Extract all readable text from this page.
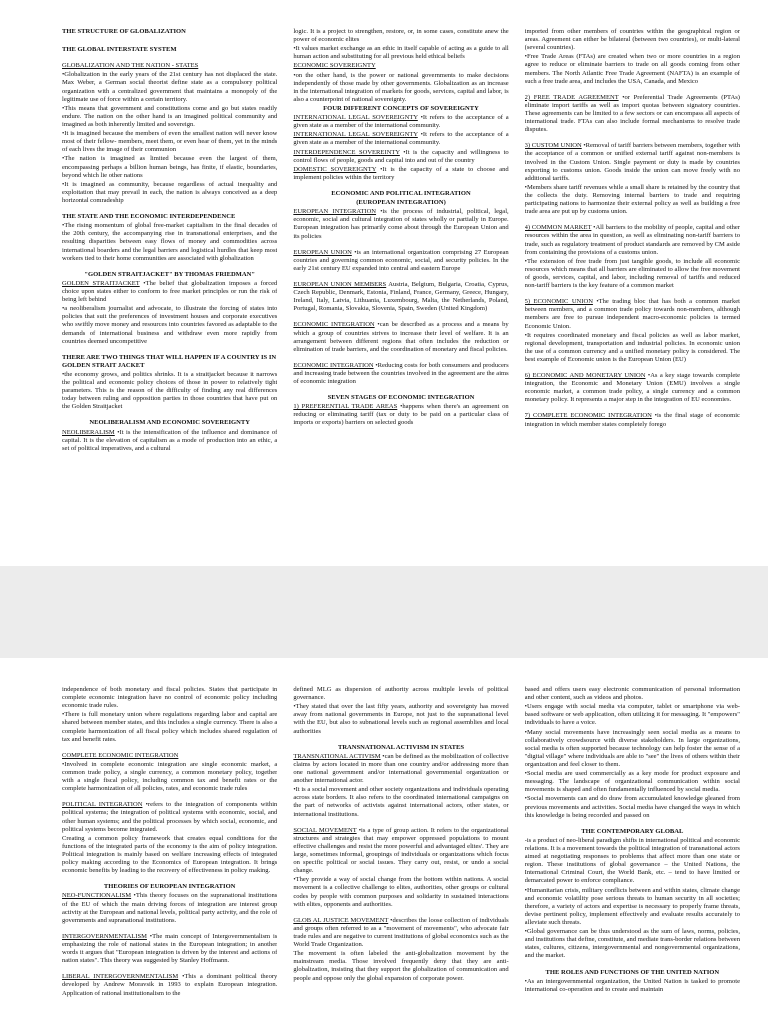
THE STRUCTURE OF GLOBALIZATION

THE GLOBAL INTERSTATE SYSTEM

GLOBALIZATION AND THE NATION - STATES

•Globalization in the early years of the 21st century has not displaced the state. Max Weber, a German social theorist define state as a compulsory political organization with a centralized government that maintains a monopoly of the legitimate use of force within a certain territory.

•This means that government and constitutions come and go but states readily endure. The nation on the other hand is an imagined political community and imagined as both inherently limited and sovereign.

•It is imagined because the members of even the smallest nation will never know most of their fellow- members, meet them, or even hear of them, yet in the minds of each lives the image of their communion

•The nation is imagined as limited because even the largest of them, encompassing perhaps a billion human beings, has finite, if elastic, boundaries, beyond which lie other nations

•It is imagined as community, because regardless of actual inequality and exploitation that may prevail in each, the nation is always conceived as a deep horizontal comradeship

THE STATE AND THE ECONOMIC INTERDEPENDENCE

•The rising momentum of global free-market capitalism in the final decades of the 20th century, the accompanying rise in transnational enterprises, and the resulting disparities between easy flows of money and commodities across international boarders and the legal barriers and logistical hurdles that keep most workers tied to their home communities are associated with globalization

"GOLDEN STRAITJACKET" BY THOMAS FRIEDMAN"

GOLDEN STRAITJACKET •The belief that globalization imposes a forced choice upon states either to conform to free market principles or run the risk of being left behind

•a neoliberalism journalist and advocate, to illustrate the forcing of states into policies that suit the preferences of investment houses and corporate executives who swiftly move money and resources into countries favored as adaptable to the demands of international business and withdraw even more rapidly from countries deemed uncompetitive

THERE ARE TWO THINGS THAT WILL HAPPEN IF A COUNTRY IS IN GOLDEN STRAIT JACKET

•the economy grows, and politics shrinks. It is a straitjacket because it narrows the political and economic policy choices of those in power to relatively tight parameters. This is the reason of the difficulty of finding any real differences today between ruling and opposition parties in those countries that have put on the Golden Straitjacket

NEOLIBERALISM AND ECONOMIC SOVEREIGNTY

NEOLIBERALISM •It is the intensification of the influence and dominance of capital. It is the elevation of capitalism as a mode of production into an ethic, a set of political imperatives, and a cultural

logic. It is a project to strengthen, restore, or, in some cases, constitute anew the power of economic elites

•It values market exchange as an ethic in itself capable of acting as a guide to all human action and substituting for all previous held ethical beliefs

ECONOMIC SOVEREIGNTY

•on the other hand, is the power or national governments to make decisions independently of those made by other governments. Globalization as an increase in the international integration of markets for goods, services, capital and labor, is also a counterpoint of national sovereignty.

FOUR DIFFERENT CONCEPTS OF SOVEREIGNTY

INTERNATIONAL LEGAL SOVEREIGNTY •It refers to the acceptance of a given state as a member of the international community.

INTERNATIONAL LEGAL SOVEREIGNTY •It refers to the acceptance of a given state as a member of the international community.

INTERDEPENDENCE SOVEREINTY •It is the capacity and willingness to control flows of people, goods and capital into and out of the country

DOMESTIC SOVEREIGNTY •It is the capacity of a state to choose and implement policies within the territory

ECONOMIC AND POLITICAL INTEGRATION

(EUROPEAN INTEGRATION)

EUROPEAN INTEGRATION •is the process of industrial, political, legal, economic, social and cultural integration of states wholly or partially in Europe. European integration has primarily come about through the European Union and its policies

EUROPEAN UNION •is an international organization comprising 27 European countries and governing common economic, social, and security policies. In the early 21st century EU expanded into central and eastern Europe

EUROPEAN UNION MEMBERS Austria, Belgium, Bulgaria, Croatia, Cyprus, Czech Republic, Denmark, Estonia, Finland, France, Germany, Greece, Hungary, Ireland, Italy, Latvia, Lithuania, Luxembourg, Malta, the Netherlands, Poland, Portugal, Romania, Slovakia, Slovenia, Spain, Sweden (United Kingdom)

ECONOMIC INTEGRATION •can be described as a process and a means by which a group of countries strives to increase their level of welfare. It is an arrangement between different regions that often includes the reduction or elimination of trade barriers, and the coordination of monetary and fiscal policies.

ECONOMIC INTEGRATION •Reducing costs for both consumers and producers and increasing trade between the countries involved in the agreement are the aims of economic integration

SEVEN STAGES OF ECONOMIC INTEGRATION

1) PREFERENTIAL TRADE AREAS •happens when there's an agreement on reducing or eliminating tariff (tax or duty to be paid on a particular class of imports or exports) barriers on selected goods

imported from other members of countries within the geographical region or areas. Agreement can either be bilateral (between two countries), or multi-lateral (several countries).

•Free Trade Areas (FTAs) are created when two or more countries in a region agree to reduce or eliminate barriers to trade on all goods coming from other members. The North Atlantic Free Trade Agreement (NAFTA) is an example of such a free trade area, and includes the USA, Canada, and Mexico

2) FREE TRADE AGREEMENT •or Preferential Trade Agreements (PTAs) eliminate import tariffs as well as import quotas between signatory countries. These agreements can be limited to a few sectors or can encompass all aspects of international trade. FTAs can also include formal mechanisms to resolve trade disputes.

3) CUSTOM UNION •Removal of tariff barriers between members, together with the acceptance of a common or unified external tariff against non-members is involved in the Custom Union. Single payment or duty is made by countries exporting to customs union. Goods inside the union can move freely with no additional tariffs.

•Members share tariff revenues while a small share is retained by the country that the collects the duty. Removing internal barriers to trade and requiring participating nations to harmonize their external policy as well as building a free trade area are put up by customs union.

4) COMMON MARKET •All barriers to the mobility of people, capital and other resources within the area in question, as well as eliminating non-tariff barriers to trade, such as regulatory treatment of product standards are removed by CM aside from containing the provisions of a customs union.

•The extension of free trade from just tangible goods, to include all economic resources which means that all barriers are eliminated to allow the free movement of goods, services, capital, and labor, including removal of tariffs and reduced non-tariff barriers is the key feature of a common market

5) ECONOMIC UNION •The trading bloc that has both a common market between members, and a common trade policy towards non-members, although members are free to pursue independent macro-economic policies is termed Economic Union.

•It requires coordinated monetary and fiscal policies as well as labor market, regional development, transportation and industrial policies. In economic union the use of a common currency and a unified monetary policy is considered. The best example of Economic union is the European Union (EU)

6) ECONOMIC AND MONETARY UNION •As a key stage towards complete integration, the Economic and Monetary Union (EMU) involves a single economic market, a common trade policy, a single currency and a common monetary policy. It represents a major step in the integration of EU economies.

7) COMPLETE ECONOMIC INTEGRATION •is the final stage of economic integration in which member states completely forego

independence of both monetary and fiscal policies. States that participate in complete economic integration have no control of economic policy including economic trade rules.

•There is full monetary union where regulations regarding labor and capital are shared between member states, and this includes a single currency. There is also a complete harmonization of all fiscal policy which includes shared regulation of tax and benefit rates.

COMPLETE ECONOMIC INTEGRATION

•Involved in complete economic integration are single economic market, a common trade policy, a single currency, a common monetary policy, together with a single fiscal policy, including common tax and benefit rates or the complete harmonization of all policies, rates, and economic trade rules

POLITICAL INTEGRATION •refers to the integration of components within political systems; the integration of political systems with economic, social, and other human systems; and the political processes by which social, economic, and political systems become integrated.

Creating a common policy framework that creates equal conditions for the functions of the integrated parts of the economy is the aim of policy integration. Political integration is mainly based on welfare increasing effects of integrated policy making according to the Economics of European integration. It brings economic benefits by leading to the recovery of effectiveness in policy making.

THEORIES OF EUROPEAN INTEGRATION

NEO-FUNCTIONALISM •This theory focuses on the supranational institutions of the EU of which the main driving forces of integration are interest group activity at the European and national levels, political party activity, and the role of governments and supranational institutions.

INTERGOVERNMENTALISM •The main concept of Intergovernmentalism is emphasizing the role of national states in the European integration; in another words it argues that "European integration is driven by the interest and actions of nation states". This theory was suggested by Stanley Hoffmann.

LIBERAL INTERGOVERNMENTALISM •This a dominant political theory developed by Andrew Moravsik in 1993 to explain European integration. Application of rational institutionalism to the

defined MLG as dispersion of authority across multiple levels of political governance.

•They stated that over the last fifty years, authority and sovereignty has moved away from national governments in Europe, not just to the supranational level with the EU, but also to subnational levels such as regional assemblies and local authorities

TRANSNATIONAL ACTIVISM IN STATES

TRANSNATIONAL ACTIVISM •can be defined as the mobilization of collective claims by actors located in more than one country and/or addressing more than one national government and/or international governmental organization or another international actor.

•It is a social movement and other society organizations and individuals operating across state borders. It also refers to the coordinated international campaigns on the part of networks of activists against international actors, other states, or international institutions.

SOCIAL MOVEMENT •is a type of group action. It refers to the organizational structures and strategies that may empower oppressed populations to mount effective challenges and resist the more powerful and advantaged elites'. They are large, sometimes informal, groupings of individuals or organizations which focus on specific political or social issues. They carry out, resist, or undo a social change.

•They provide a way of social change from the bottom within nations. A social movement is a collective challenge to elites, authorities, other groups or cultural codes by people with common purposes and solidarity in sustained interactions with elites, opponents and authorities.

GLOB AL JUSTICE MOVEMENT •describes the loose collection of individuals and groups often referred to as a "movement of movements", who advocate fair trade rules and are negative to current institutions of global economics such as the World Trade Organization.

The movement is often labeled the anti-globalization movement by the mainstream media. Those involved frequently deny that they are anti-globalization, insisting that they support the globalization of communication and people and oppose only the global expansion of corporate power.

based and offers users easy electronic communication of personal information and other content, such as videos and photos.

•Users engage with social media via computer, tablet or smartphone via web-based software or web application, often utilizing it for messaging. It "empowers" individuals to have a voice.

•Many social movements have increasingly seen social media as a means to collaboratively crowdsource with diverse stakeholders. In large organizations, social media is often supported because technology can help foster the sense of a "digital village" where individuals are able to "see" the lives of others within their organization and feel closer to them.

•Social media are used commercially as a key mode for product exposure and messaging. The landscape of organizational communication within social movements is shaped and often fundamentally influenced by social media.

•Social movements can and do draw from accumulated knowledge gleaned from previous movements and activities. Social media have changed the ways in which this knowledge is being recorded and passed on

THE CONTEMPORARY GLOBAL

-is a product of neo-liberal paradigm shifts in international political and economic relations. It is a movement towards the political integration of transnational actors aimed at negotiating responses to problems that affect more than one state or region. These institutions of global governance – the United Nations, the International Criminal Court, the World Bank, etc. – tend to have limited or demarcated power to enforce compliance.

•Humanitarian crisis, military conflicts between and within states, climate change and economic volatility pose serious threats to human security in all societies; therefore, a variety of actors and expertise is necessary to properly frame threats, devise pertinent policy, implement effectively and evaluate results accurately to alleviate such threats.

•Global governance can be thus understood as the sum of laws, norms, policies, and institutions that define, constitute, and mediate trans-border relations between states, cultures, citizens, intergovernmental and nongovernmental organizations, and the market.

THE ROLES AND FUNCTIONS OF THE UNITED NATION

•As an intergovernmental organization, the United Nation is tasked to promote international co-operation and to create and maintain
